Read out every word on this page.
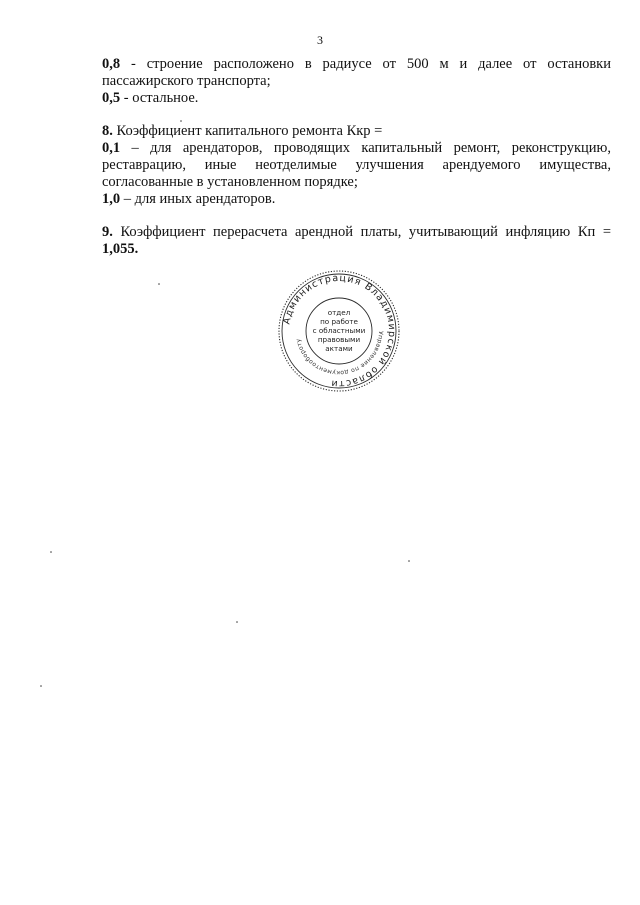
3

0,8 - строение расположено в радиусе от 500 м и далее от остановки пассажирского транспорта;

0,5 - остальное.

8. Коэффициент капитального ремонта Ккр =

0,1 – для арендаторов, проводящих капитальный ремонт, реконструкцию, реставрацию, иные неотделимые улучшения арендуемого имущества, согласованные в установленном порядке;

1,0 – для иных арендаторов.

9. Коэффициент перерасчета арендной платы, учитывающий инфляцию Кп = 1,055.

Администрация Владимирской области
Управление по документообороту
отдел
по работе
с областными
правовыми
актами
